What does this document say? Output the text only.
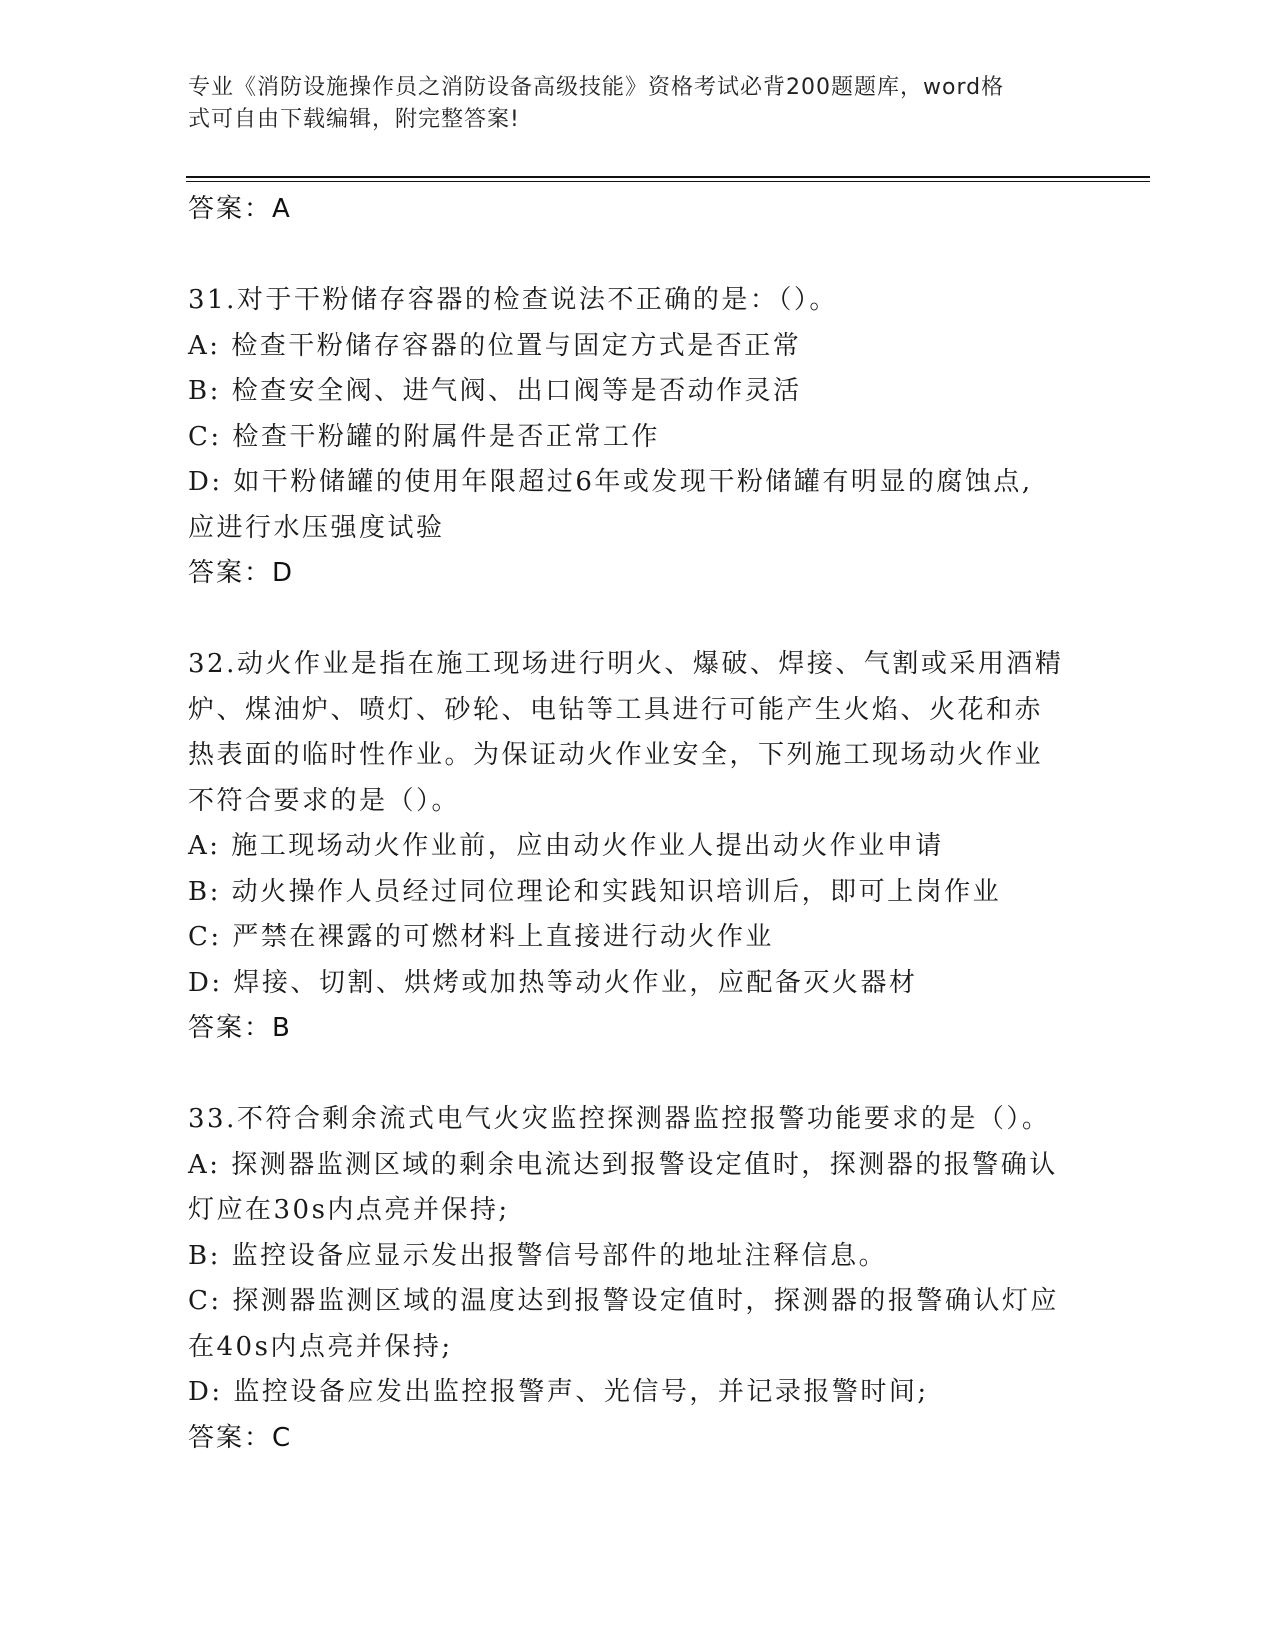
专业《消防设施操作员之消防设备高级技能》资格考试必背200题题库，word格
式可自由下载编辑，附完整答案!
答案：A
31.对于干粉储存容器的检查说法不正确的是：（）。
A: 检查干粉储存容器的位置与固定方式是否正常
B: 检查安全阀、进气阀、出口阀等是否动作灵活
C: 检查干粉罐的附属件是否正常工作
D: 如干粉储罐的使用年限超过6年或发现干粉储罐有明显的腐蚀点,
应进行水压强度试验
答案：D
32.动火作业是指在施工现场进行明火、爆破、焊接、气割或采用酒精
炉、煤油炉、喷灯、砂轮、电钻等工具进行可能产生火焰、火花和赤
热表面的临时性作业。为保证动火作业安全，下列施工现场动火作业
不符合要求的是（）。
A: 施工现场动火作业前，应由动火作业人提出动火作业申请
B: 动火操作人员经过同位理论和实践知识培训后，即可上岗作业
C: 严禁在裸露的可燃材料上直接进行动火作业
D: 焊接、切割、烘烤或加热等动火作业，应配备灭火器材
答案：B
33.不符合剩余流式电气火灾监控探测器监控报警功能要求的是（）。
A: 探测器监测区域的剩余电流达到报警设定值时，探测器的报警确认
灯应在30s内点亮并保持;
B: 监控设备应显示发出报警信号部件的地址注释信息。
C: 探测器监测区域的温度达到报警设定值时，探测器的报警确认灯应
在40s内点亮并保持;
D: 监控设备应发出监控报警声、光信号，并记录报警时间;
答案：C
